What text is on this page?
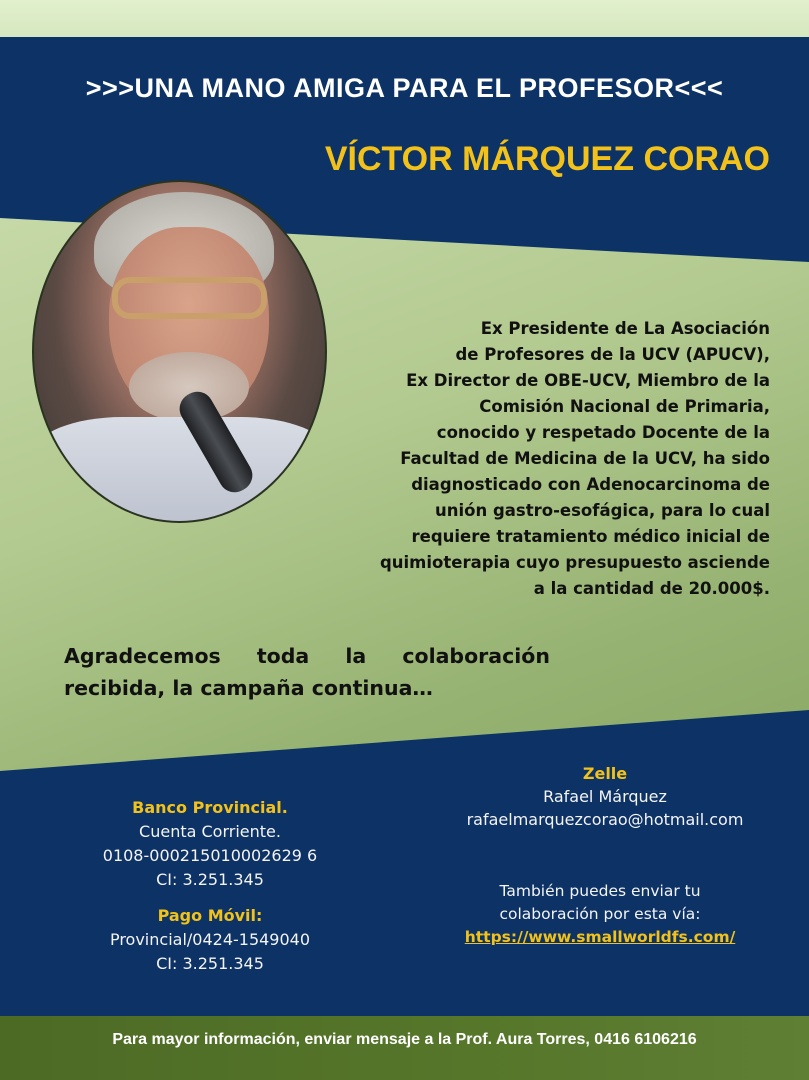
>>>UNA MANO AMIGA PARA EL PROFESOR<<<
VÍCTOR MÁRQUEZ CORAO
Ex Presidente de La Asociación
de Profesores de la UCV (APUCV),
Ex Director de OBE-UCV, Miembro de la
Comisión Nacional de Primaria,
conocido y respetado Docente de la
Facultad de Medicina de la UCV, ha sido
diagnosticado con Adenocarcinoma de
unión gastro-esofágica, para lo cual
requiere tratamiento médico inicial de
quimioterapia cuyo presupuesto asciende
a la cantidad de 20.000$.
Agradecemos toda la colaboración
recibida, la campaña continua…
Banco Provincial.
Cuenta Corriente.
0108-000215010002629 6
CI: 3.251.345
Pago Móvil:
Provincial/0424-1549040
CI: 3.251.345
Zelle
Rafael Márquez
rafaelmarquezcorao@hotmail.com
También puedes enviar tu
colaboración por esta vía:
https://www.smallworldfs.com/
Para mayor información, enviar mensaje a la Prof. Aura Torres, 0416 6106216
